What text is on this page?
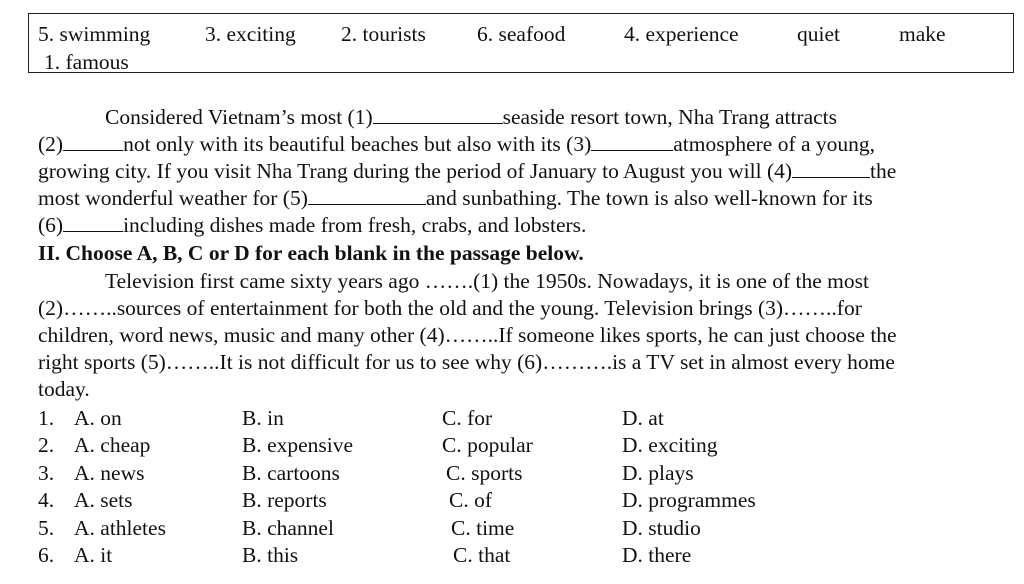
5. swimming	3. exciting 2. tourists 6. seafood	4. experience	quiet	make
1. famous
Considered Vietnam’s most (1)	seaside resort town, Nha Trang attracts
(2)	not only with its beautiful beaches but also with its (3)	atmosphere of a young,
growing city. If you visit Nha Trang during the period of January to August you will (4)	the
most wonderful weather for (5)	and sunbathing. The town is also well-known for its
(6)	including dishes made from fresh, crabs, and lobsters.
II. Choose A, B, C or D for each blank in the passage below.
Television first came sixty years ago …….(1) the 1950s. Nowadays, it is one of the most
(2)……..sources of entertainment for both the old and the young. Television brings (3)……..for
children, word news, music and many other (4)……..If someone likes sports, he can just choose the
right sports (5)……..It is not difficult for us to see why (6)……….is a TV set in almost every home
today.
1. A. on	B. in	C. for	D. at
2. A. cheap	B. expensive	C. popular	D. exciting
3. A. news	B. cartoons	C. sports	D. plays
4. A. sets	B. reports	C. of	D. programmes
5. A. athletes	B. channel	C. time	D. studio
6. A. it	B. this	C. that	D. there
